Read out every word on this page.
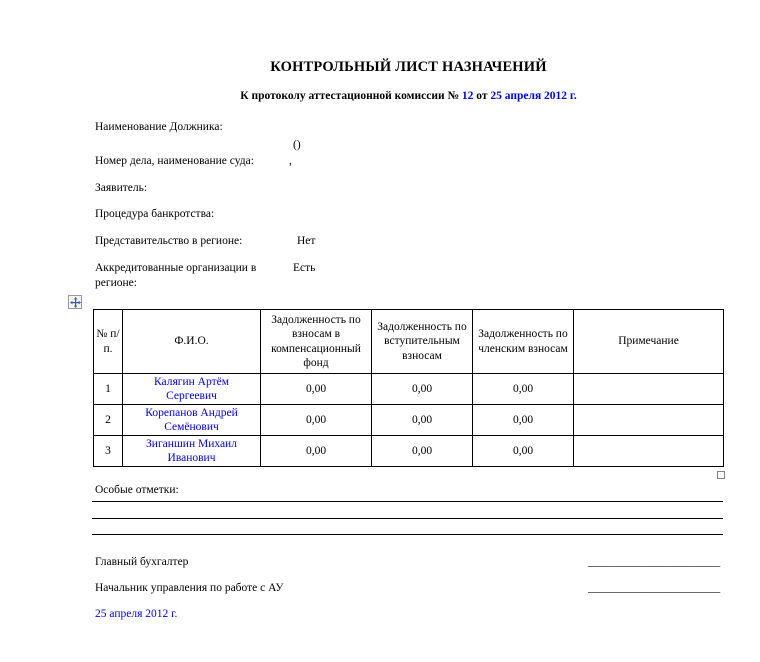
КОНТРОЛЬНЫЙ ЛИСТ НАЗНАЧЕНИЙ
К протоколу аттестационной комиссии № 12 от 25 апреля 2012 г.
Наименование Должника:
()
Номер дела, наименование суда:	,
Заявитель:
Процедура банкротства:
Представительство в регионе:	Нет
Аккредитованные организации в регионе:
Есть
№ п/п.	Ф.И.О.	Задолженность по взносам в компенсационный фонд	Задолженность по вступительным взносам	Задолженность по членским взносам	Примечание
1	Калягин Артём Сергеевич	0,00	0,00	0,00	
2	Корепанов Андрей Семёнович	0,00	0,00	0,00	
3	Зиганшин Михаил Иванович	0,00	0,00	0,00	
Особые отметки:
Главный бухгалтер	_______________________
Начальник управления по работе с АУ	_______________________
25 апреля 2012 г.
